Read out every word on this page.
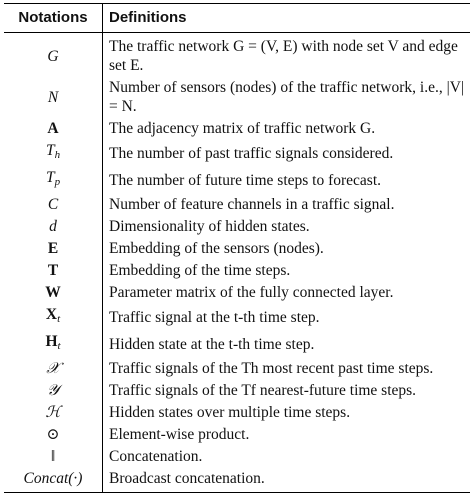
Notations	Definitions
G	The traffic network G = (V, E) with node set V and edge set E.
N	Number of sensors (nodes) of the traffic network, i.e., |V| = N.
A	The adjacency matrix of traffic network G.
$T_h$	The number of past traffic signals considered.
$T_p$	The number of future time steps to forecast.
C	Number of feature channels in a traffic signal.
d	Dimensionality of hidden states.
E	Embedding of the sensors (nodes).
T	Embedding of the time steps.
W	Parameter matrix of the fully connected layer.
Xt	Traffic signal at the t-th time step.
Ht	Hidden state at the t-th time step.
𝒳	Traffic signals of the Th most recent past time steps.
𝒴	Traffic signals of the Tf nearest-future time steps.
ℋ	Hidden states over multiple time steps.
⊙	Element-wise product.
‖	Concatenation.
Concat(·)	Broadcast concatenation.
